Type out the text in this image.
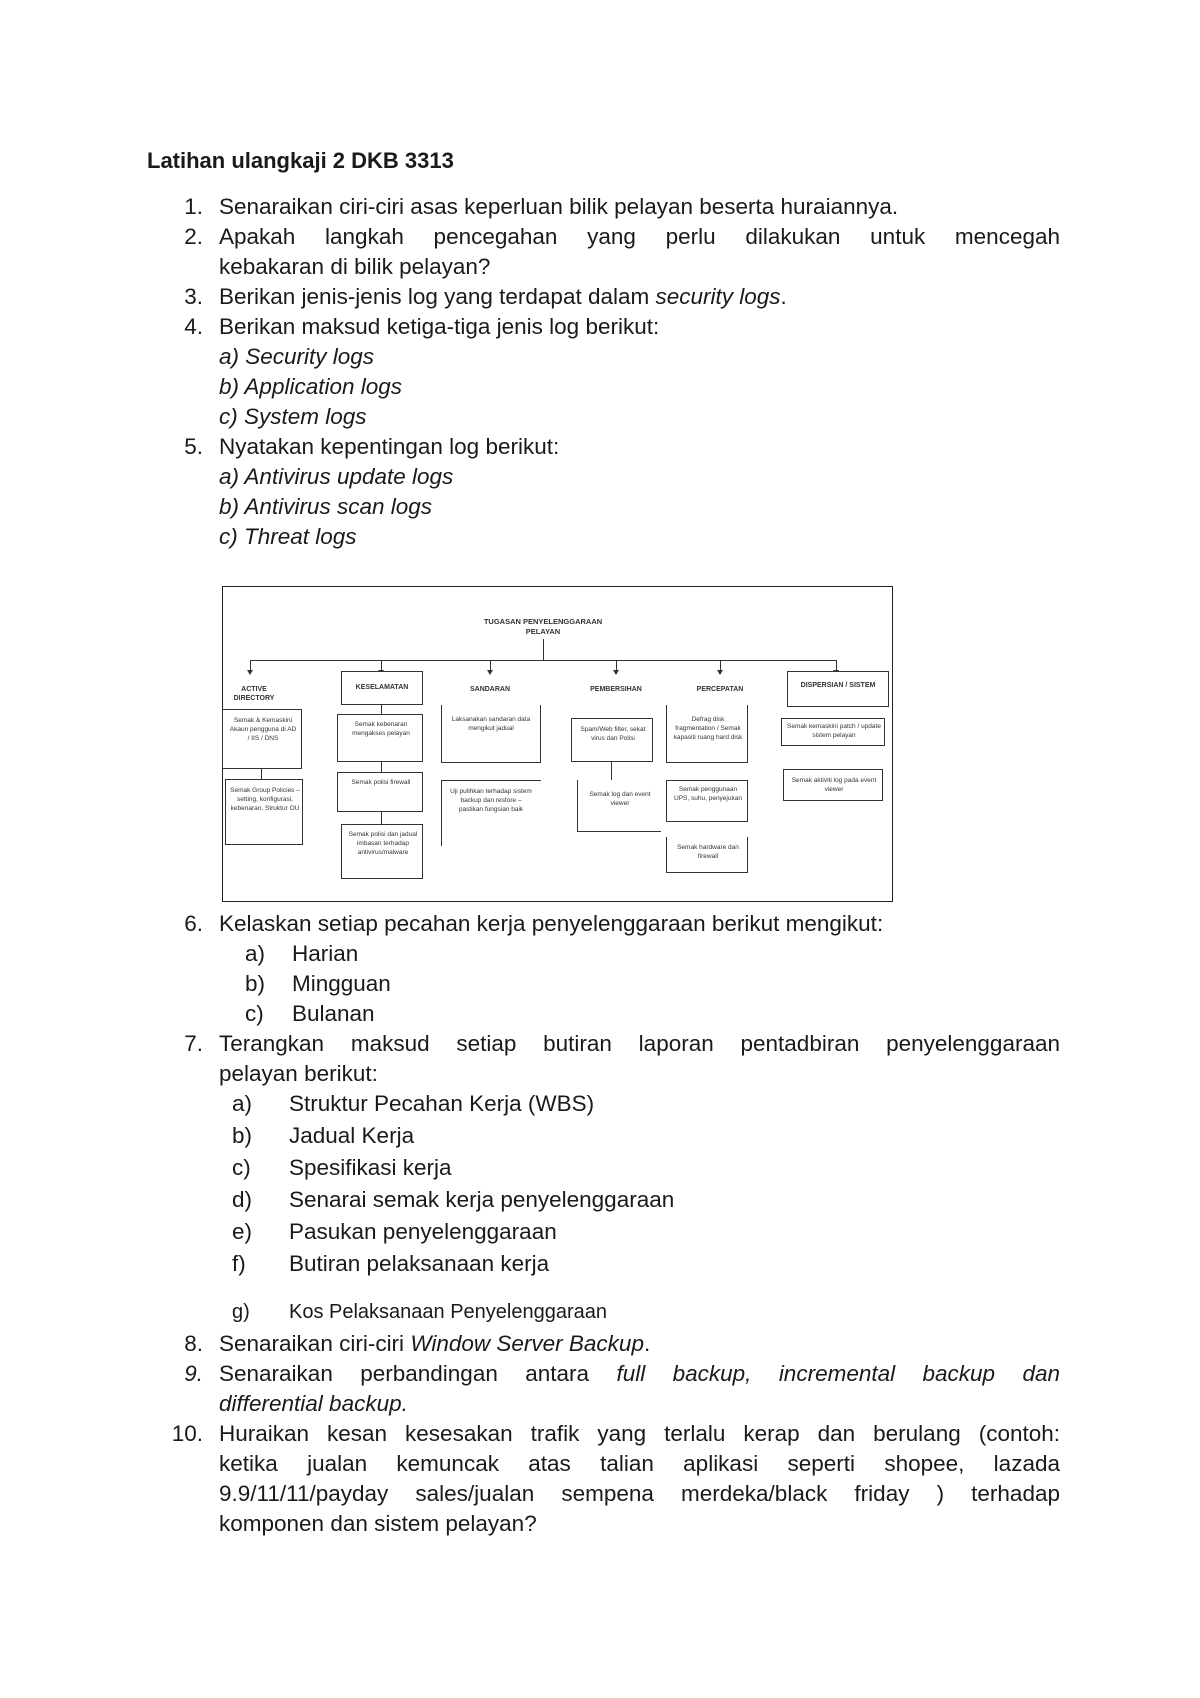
Latihan ulangkaji 2 DKB 3313
1. Senaraikan ciri-ciri asas keperluan bilik pelayan beserta huraiannya.
2. Apakah langkah pencegahan yang perlu dilakukan untuk mencegah
kebakaran di bilik pelayan?
3. Berikan jenis-jenis log yang terdapat dalam security logs.
4. Berikan maksud ketiga-tiga jenis log berikut:
a) Security logs
b) Application logs
c) System logs
5. Nyatakan kepentingan log berikut:
a) Antivirus update logs
b) Antivirus scan logs
c) Threat logs
TUGASAN PENYELENGGARAAN
PELAYAN
ACTIVE DIRECTORY
KESELAMATAN	SANDARAN	PEMBERSIHAN	PERCEPATAN
DISPERSIAN / SISTEM
Semak & Kemaskini Akaun pengguna di AD / IIS / DNS
Semak Group Policies – setting, konfigurasi, kebenaran, Struktur OU
Semak kebenaran mengakses pelayan
Semak polisi firewall
Semak polisi dan jadual imbasan terhadap antivirus/malware
Laksanakan sandaran data mengikut jadual
Uji pulihkan terhadap sistem backup dan restore – pastikan fungsian baik
Spam/Web filter, sekat virus dan Polisi
Semak log dan event viewer
Defrag disk fragmentation / Semak kapasiti ruang hard disk
Semak penggunaan UPS, suhu, penyejukan
Semak hardware dan firewall
Semak kemaskini patch / update sistem pelayan
Semak aktiviti log pada event viewer
6. Kelaskan setiap pecahan kerja penyelenggaraan berikut mengikut:
a) Harian
b) Mingguan
c) Bulanan
7. Terangkan maksud setiap butiran laporan pentadbiran penyelenggaraan
pelayan berikut:
a) Struktur Pecahan Kerja (WBS)
b) Jadual Kerja
c) Spesifikasi kerja
d) Senarai semak kerja penyelenggaraan
e) Pasukan penyelenggaraan
f) Butiran pelaksanaan kerja
g) Kos Pelaksanaan Penyelenggaraan
8. Senaraikan ciri-ciri Window Server Backup.
9. Senaraikan perbandingan antara full backup, incremental backup dan
differential backup.
10. Huraikan kesan kesesakan trafik yang terlalu kerap dan berulang (contoh:
ketika jualan kemuncak atas talian aplikasi seperti shopee, lazada
9.9/11/11/payday sales/jualan sempena merdeka/black friday ) terhadap
komponen dan sistem pelayan?
